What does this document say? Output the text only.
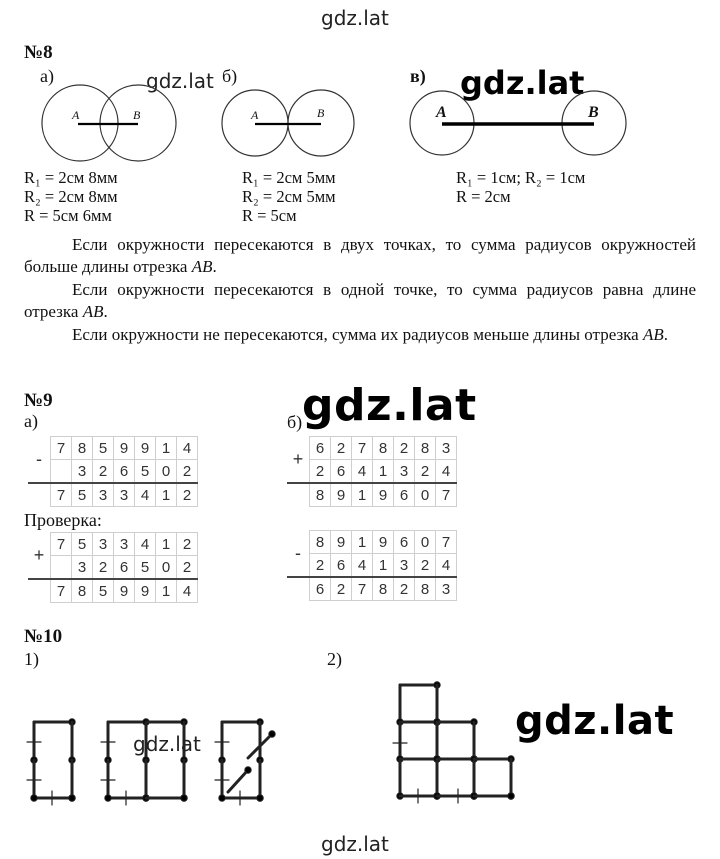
gdz.lat
gdz.lat	gdz.lat
gdz.lat
gdz.lat	gdz.lat
gdz.lat
№8
а)	б)	в)
A	B	A	B	A	B
R₁ = 2см 8мм
R₂ = 2см 8мм
R = 5см 6мм
R₁ = 2см 5мм
R₂ = 2см 5мм
R = 5см
R₁ = 1см; R₂ = 1см
R = 2см
Если окружности пересекаются в двух точках, то сумма радиусов окружностей больше длины отрезка AB.
Если окружности пересекаются в одной точке, то сумма радиусов равна длине отрезка AB.
Если окружности не пересекаются, сумма их радиусов меньше длины отрезка AB.
№9
а)	б)
Проверка:
-	7	8	5	9	9	1	4
		3	2	6	5	0	2
	7	5	3	3	4	1	2
+	7	5	3	3	4	1	2
		3	2	6	5	0	2
	7	8	5	9	9	1	4
+	6	2	7	8	2	8	3
	2	6	4	1	3	2	4
	8	9	1	9	6	0	7
-	8	9	1	9	6	0	7
	2	6	4	1	3	2	4
	6	2	7	8	2	8	3
№10
1)	2)
